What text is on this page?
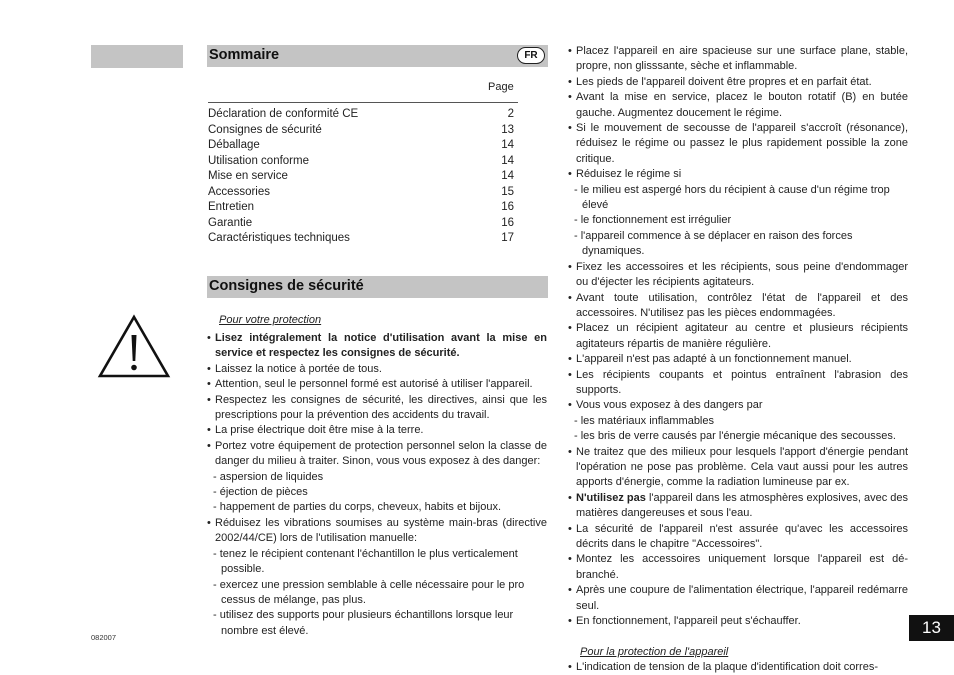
Sommaire	FR
Page
Déclaration de conformité CE	2
Consignes de sécurité	13
Déballage	14
Utilisation conforme	14
Mise en service	14
Accessories	15
Entretien	16
Garantie	16
Caractéristiques techniques	17
Consignes de sécurité
Pour votre protection

• Lisez intégralement la notice d'utilisation avant la mise en service et respectez les consignes de sécurité.

• Laissez la notice à portée de tous.

• Attention, seul le personnel formé est autorisé à utiliser l'appareil.

• Respectez les consignes de sécurité, les directives, ainsi que les prescriptions pour la prévention des accidents du travail.

• La prise électrique doit être mise à la terre.

• Portez votre équipement de protection personnel selon la classe de danger du milieu à traiter. Sinon, vous vous exposez à des danger:

- aspersion de liquides

- éjection de pièces

- happement de parties du corps, cheveux, habits et bijoux.

• Réduisez les vibrations soumises au système main-bras (directive 2002/44/CE) lors de l'utilisation manuelle:

- tenez le récipient contenant l'échantillon le plus verticalement possible.

- exercez une pression semblable à celle nécessaire pour le pro cessus de mélange, pas plus.

- utilisez des supports pour plusieurs échantillons lorsque leur nombre est élevé.

• Placez l'appareil en aire spacieuse sur une surface plane, stable, propre, non glisssante, sèche et inflammable.

• Les pieds de l'appareil doivent être propres et en parfait état.

• Avant la mise en service, placez le bouton rotatif (B) en butée gauche. Augmentez doucement le régime.

• Si le mouvement de secousse de l'appareil s'accroît (résonance), réduisez le régime ou passez le plus rapidement possible la zone critique.

• Réduisez le régime si

- le milieu est aspergé hors du récipient à cause d'un régime trop élevé

- le fonctionnement est irrégulier

- l'appareil commence à se déplacer en raison des forces dynamiques.

• Fixez les accessoires et les récipients, sous peine d'endommager ou d'éjecter les récipients agitateurs.

• Avant toute utilisation, contrôlez l'état de l'appareil et des accessoires. N'utilisez pas les pièces endommagées.

• Placez un récipient agitateur au centre et plusieurs récipients agitateurs répartis de manière régulière.

• L'appareil n'est pas adapté à un fonctionnement manuel.

• Les récipients coupants et pointus entraînent l'abrasion des supports.

• Vous vous exposez à des dangers par

- les matériaux inflammables

- les bris de verre causés par l'énergie mécanique des secousses.

• Ne traitez que des milieux pour lesquels l'apport d'énergie pendant l'opération ne pose pas problème. Cela vaut aussi pour les autres apports d'énergie, comme la radiation lumineuse par ex.

• N'utilisez pas l'appareil dans les atmosphères explosives, avec des matières dangereuses et sous l'eau.

• La sécurité de l'appareil n'est assurée qu'avec les accessoires décrits dans le chapitre "Accessoires".

• Montez les accessoires uniquement lorsque l'appareil est dé-branché.

• Après une coupure de l'alimentation électrique, l'appareil redémarre seul.

• En fonctionnement, l'appareil peut s'échauffer.

Pour la protection de l'appareil

• L'indication de tension de la plaque d'identification doit corres-

082007
13
